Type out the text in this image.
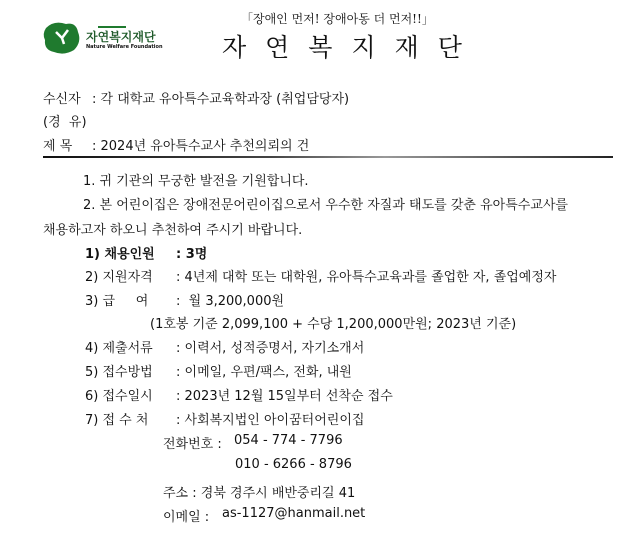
자연복지재단
Nature Welfare Foundation
「장애인 먼저! 장애아동 더 먼저!!」
자연복지재단
수신자 : 각 대학교 유아특수교육학과장 (취업담당자)
(경  유)
제 목 : 2024년 유아특수교사 추천의뢰의 건
1. 귀 기관의 무궁한 발전을 기원합니다.
2. 본 어린이집은 장애전문어린이집으로서 우수한 자질과 태도를 갖춘 유아특수교사를
채용하고자 하오니 추천하여 주시기 바랍니다.
1) 채용인원 : 3명
2) 지원자격 : 4년제 대학 또는 대학원, 유아특수교육과를 졸업한 자, 졸업예정자
3) 급     여 :  월 3,200,000원
(1호봉 기준 2,099,100 + 수당 1,200,000만원; 2023년 기준)
4) 제출서류 : 이력서, 성적증명서, 자기소개서
5) 접수방법 : 이메일, 우편/팩스, 전화, 내원
6) 접수일시 : 2023년 12월 15일부터 선착순 접수
7) 접 수 처 : 사회복지법인 아이꿈터어린이집
전화번호 : 054 - 774 - 7796
010 - 6266 - 8796
주소 : 경북 경주시 배반중리길 41
이메일 : as-1127@hanmail.net
